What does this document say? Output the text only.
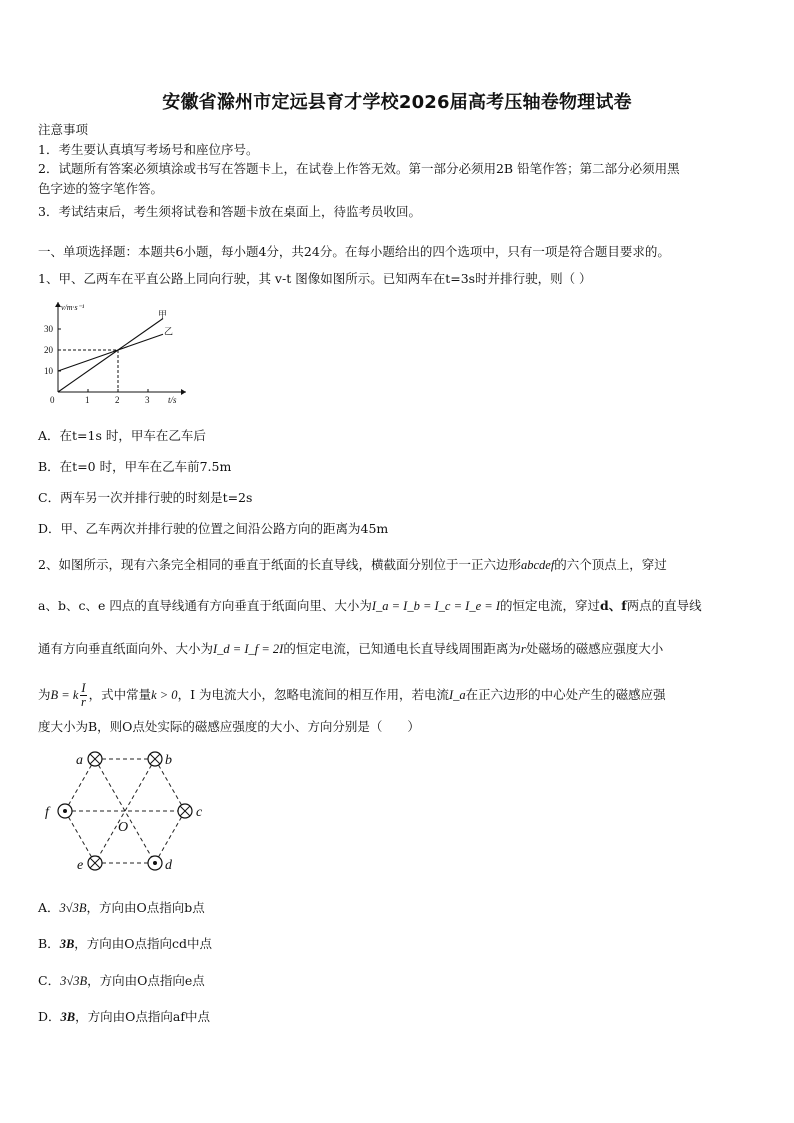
安徽省滁州市定远县育才学校2026届高考压轴卷物理试卷
注意事项
1．考生要认真填写考场号和座位序号。
2．试题所有答案必须填涂或书写在答题卡上，在试卷上作答无效。第一部分必须用2B 铅笔作答；第二部分必须用黑
色字迹的签字笔作答。
3．考试结束后，考生须将试卷和答题卡放在桌面上，待监考员收回。
一、单项选择题：本题共6小题，每小题4分，共24分。在每小题给出的四个选项中，只有一项是符合题目要求的。
1、甲、乙两车在平直公路上同向行驶，其 v-t 图像如图所示。已知两车在t=3s时并排行驶，则（ ）
0	1	2	3
10
20
30
t/s
v/m·s⁻¹
甲
乙
A．在t=1s 时，甲车在乙车后
B．在t=0 时，甲车在乙车前7.5m
C．两车另一次并排行驶的时刻是t=2s
D．甲、乙车两次并排行驶的位置之间沿公路方向的距离为45m
2、如图所示，现有六条完全相同的垂直于纸面的长直导线，横截面分别位于一正六边形abcdef的六个顶点上，穿过
a、b、c、e 四点的直导线通有方向垂直于纸面向里、大小为I_a = I_b = I_c = I_e = I的恒定电流，穿过d、f两点的直导线
通有方向垂直纸面向外、大小为I_d = I_f = 2I的恒定电流，已知通电长直导线周围距离为r处磁场的磁感应强度大小
为B = k $\frac{I}{r}$ ，式中常量k > 0，I 为电流大小，忽略电流间的相互作用，若电流I_a在正六边形的中心处产生的磁感应强
度大小为B，则O点处实际的磁感应强度的大小、方向分别是（　　）
a	b
c
d
e
f
O
A．3√3B，方向由O点指向b点
B．3B，方向由O点指向cd中点
C．3√3B，方向由O点指向e点
D．3B，方向由O点指向af中点
